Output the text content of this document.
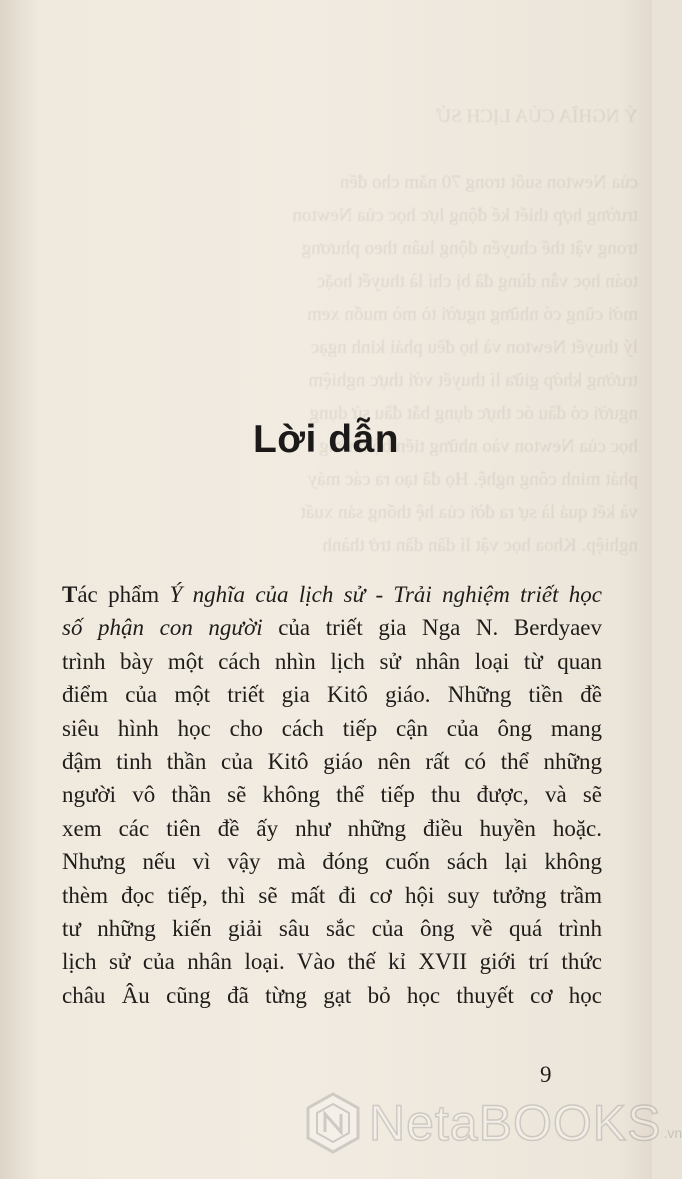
Ý NGHĨA CỦA LỊCH SỬ

của Newton suốt trong 70 năm cho đến
trường hợp thiết kế động lực học của Newton
trong vật thể chuyển động luân theo phương
toán học vẫn dùng đã bị chỉ là thuyết hoặc
mới cũng có những người tò mò muốn xem
lý thuyết Newton và họ đều phải kinh ngạc
trường khớp giữa lí thuyết với thực nghiệm
người có đầu óc thực dụng bắt đầu sử dụng
học của Newton vào những tiến bộ những
phát minh công nghệ. Họ đã tạo ra các máy
và kết quả là sự ra đời của hệ thống sản xuất
nghiệp. Khoa học vật lí dần dần trở thành
Lời dẫn
Tác phẩm Ý nghĩa của lịch sử - Trải nghiệm triết học
số phận con người của triết gia Nga N. Berdyaev
trình bày một cách nhìn lịch sử nhân loại từ quan
điểm của một triết gia Kitô giáo. Những tiền đề
siêu hình học cho cách tiếp cận của ông mang
đậm tinh thần của Kitô giáo nên rất có thể những
người vô thần sẽ không thể tiếp thu được, và sẽ
xem các tiên đề ấy như những điều huyền hoặc.
Nhưng nếu vì vậy mà đóng cuốn sách lại không
thèm đọc tiếp, thì sẽ mất đi cơ hội suy tưởng trầm
tư những kiến giải sâu sắc của ông về quá trình
lịch sử của nhân loại. Vào thế kỉ XVII giới trí thức
châu Âu cũng đã từng gạt bỏ học thuyết cơ học
9
NetaBOOKS .vn
